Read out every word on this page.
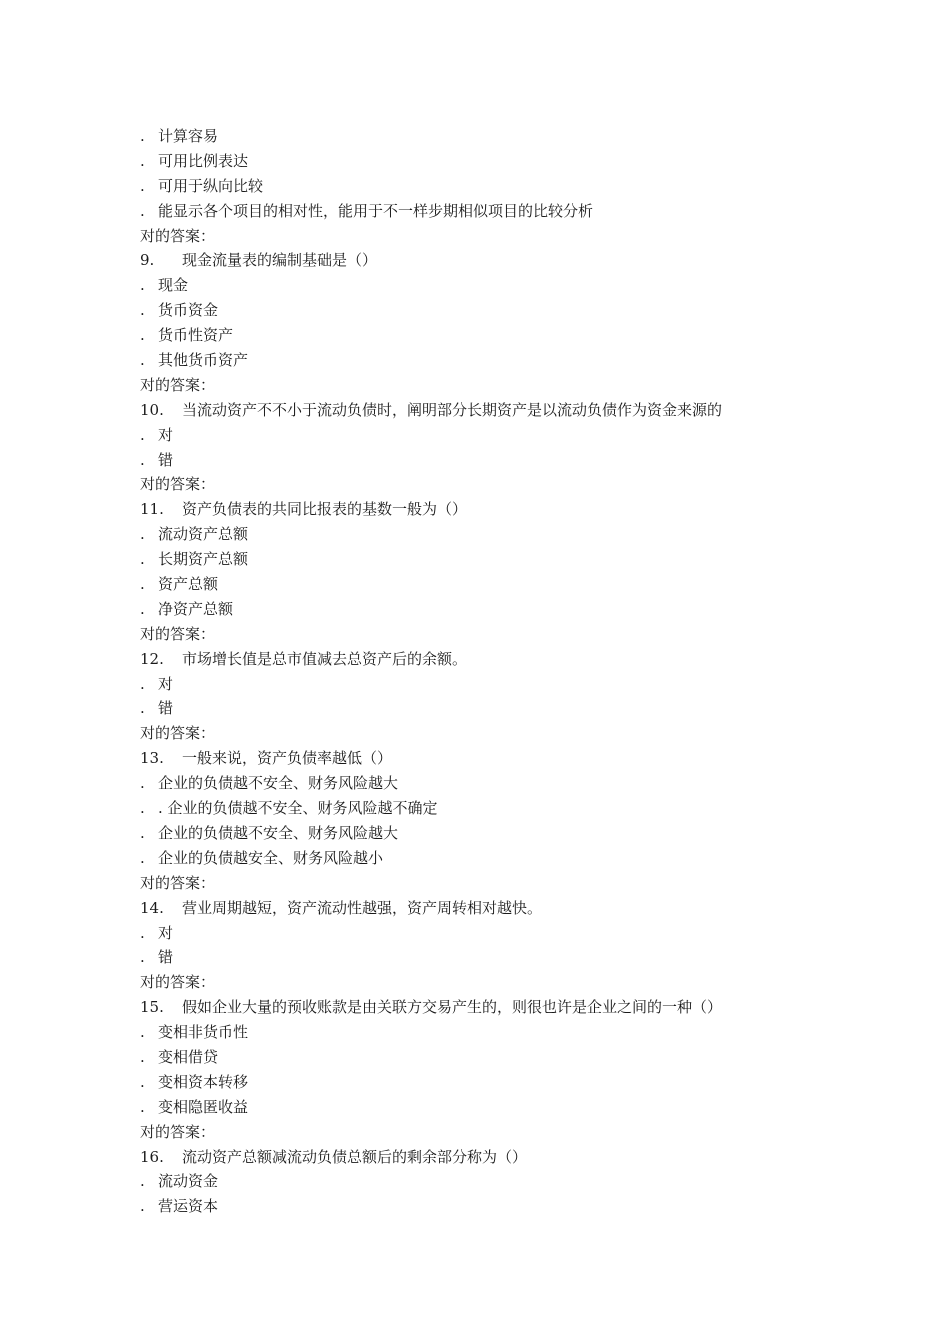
. 计算容易
. 可用比例表达
. 可用于纵向比较
. 能显示各个项目的相对性，能用于不一样步期相似项目的比较分析
对的答案：
9. 现金流量表的编制基础是（）
. 现金
. 货币资金
. 货币性资产
. 其他货币资产
对的答案：
10. 当流动资产不不小于流动负债时，阐明部分长期资产是以流动负债作为资金来源的
. 对
. 错
对的答案：
11. 资产负债表的共同比报表的基数一般为（）
. 流动资产总额
. 长期资产总额
. 资产总额
. 净资产总额
对的答案：
12. 市场增长值是总市值减去总资产后的余额。
. 对
. 错
对的答案：
13. 一般来说，资产负债率越低（）
. 企业的负债越不安全、财务风险越大
. . 企业的负债越不安全、财务风险越不确定
. 企业的负债越不安全、财务风险越大
. 企业的负债越安全、财务风险越小
对的答案：
14. 营业周期越短，资产流动性越强，资产周转相对越快。
. 对
. 错
对的答案：
15. 假如企业大量的预收账款是由关联方交易产生的，则很也许是企业之间的一种（）
. 变相非货币性
. 变相借贷
. 变相资本转移
. 变相隐匿收益
对的答案：
16. 流动资产总额减流动负债总额后的剩余部分称为（）
. 流动资金
. 营运资本
